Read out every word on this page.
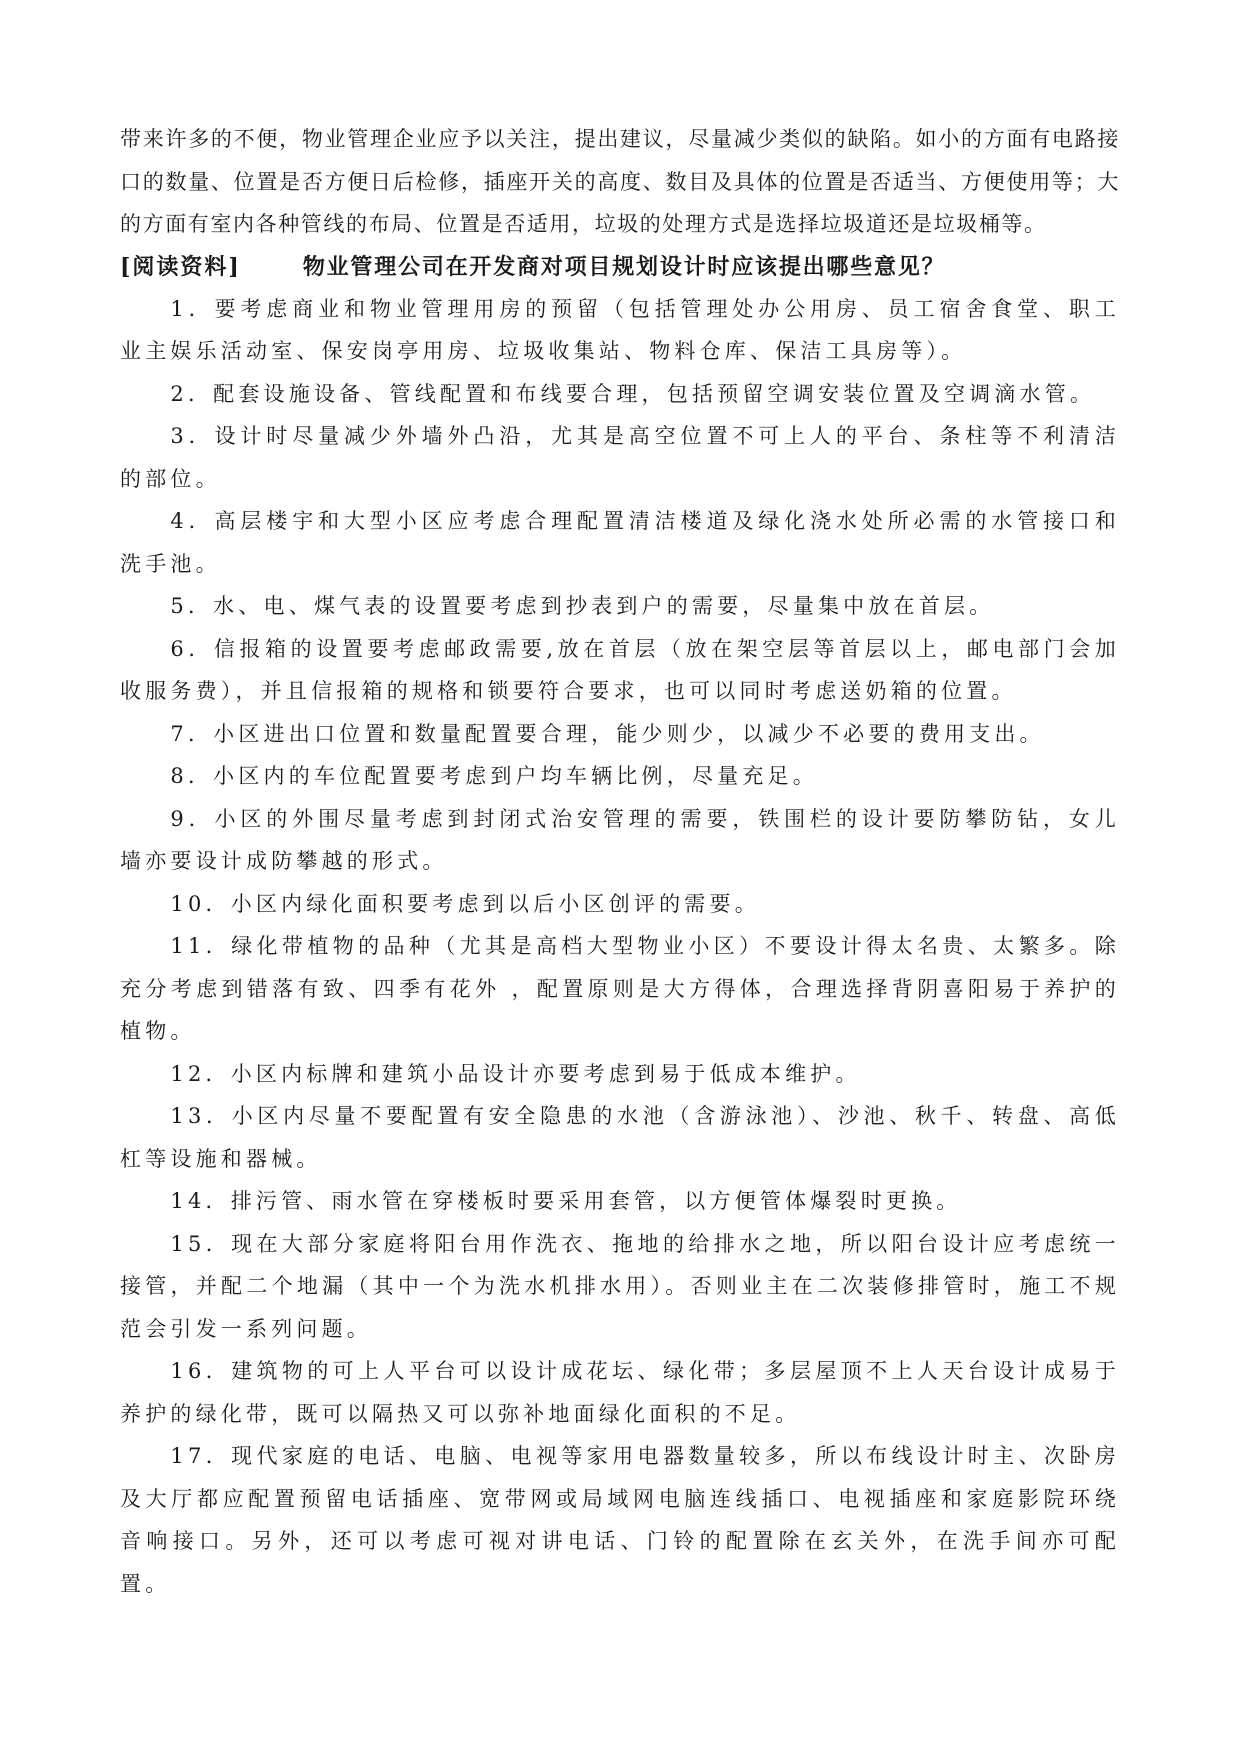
带来许多的不便，物业管理企业应予以关注，提出建议，尽量减少类似的缺陷。如小的方面有电路接口的数量、位置是否方便日后检修，插座开关的高度、数目及具体的位置是否适当、方便使用等；大的方面有室内各种管线的布局、位置是否适用，垃圾的处理方式是选择垃圾道还是垃圾桶等。

[阅读资料]	物业管理公司在开发商对项目规划设计时应该提出哪些意见？

1．要考虑商业和物业管理用房的预留（包括管理处办公用房、员工宿舍食堂、职工业主娱乐活动室、保安岗亭用房、垃圾收集站、物料仓库、保洁工具房等）。

2．配套设施设备、管线配置和布线要合理，包括预留空调安装位置及空调滴水管。

3．设计时尽量减少外墙外凸沿，尤其是高空位置不可上人的平台、条柱等不利清洁的部位。

4．高层楼宇和大型小区应考虑合理配置清洁楼道及绿化浇水处所必需的水管接口和洗手池。

5．水、电、煤气表的设置要考虑到抄表到户的需要，尽量集中放在首层。

6．信报箱的设置要考虑邮政需要,放在首层（放在架空层等首层以上，邮电部门会加收服务费），并且信报箱的规格和锁要符合要求，也可以同时考虑送奶箱的位置。

7．小区进出口位置和数量配置要合理，能少则少，以减少不必要的费用支出。

8．小区内的车位配置要考虑到户均车辆比例，尽量充足。

9．小区的外围尽量考虑到封闭式治安管理的需要，铁围栏的设计要防攀防钻，女儿墙亦要设计成防攀越的形式。

10．小区内绿化面积要考虑到以后小区创评的需要。

11．绿化带植物的品种（尤其是高档大型物业小区）不要设计得太名贵、太繁多。除充分考虑到错落有致、四季有花外 ，配置原则是大方得体，合理选择背阴喜阳易于养护的植物。

12．小区内标牌和建筑小品设计亦要考虑到易于低成本维护。

13．小区内尽量不要配置有安全隐患的水池（含游泳池）、沙池、秋千、转盘、高低杠等设施和器械。

14．排污管、雨水管在穿楼板时要采用套管，以方便管体爆裂时更换。

15．现在大部分家庭将阳台用作洗衣、拖地的给排水之地，所以阳台设计应考虑统一接管，并配二个地漏（其中一个为洗水机排水用）。否则业主在二次装修排管时，施工不规范会引发一系列问题。

16．建筑物的可上人平台可以设计成花坛、绿化带；多层屋顶不上人天台设计成易于养护的绿化带，既可以隔热又可以弥补地面绿化面积的不足。

17．现代家庭的电话、电脑、电视等家用电器数量较多，所以布线设计时主、次卧房及大厅都应配置预留电话插座、宽带网或局域网电脑连线插口、电视插座和家庭影院环绕音响接口。另外，还可以考虑可视对讲电话、门铃的配置除在玄关外，在洗手间亦可配置。
